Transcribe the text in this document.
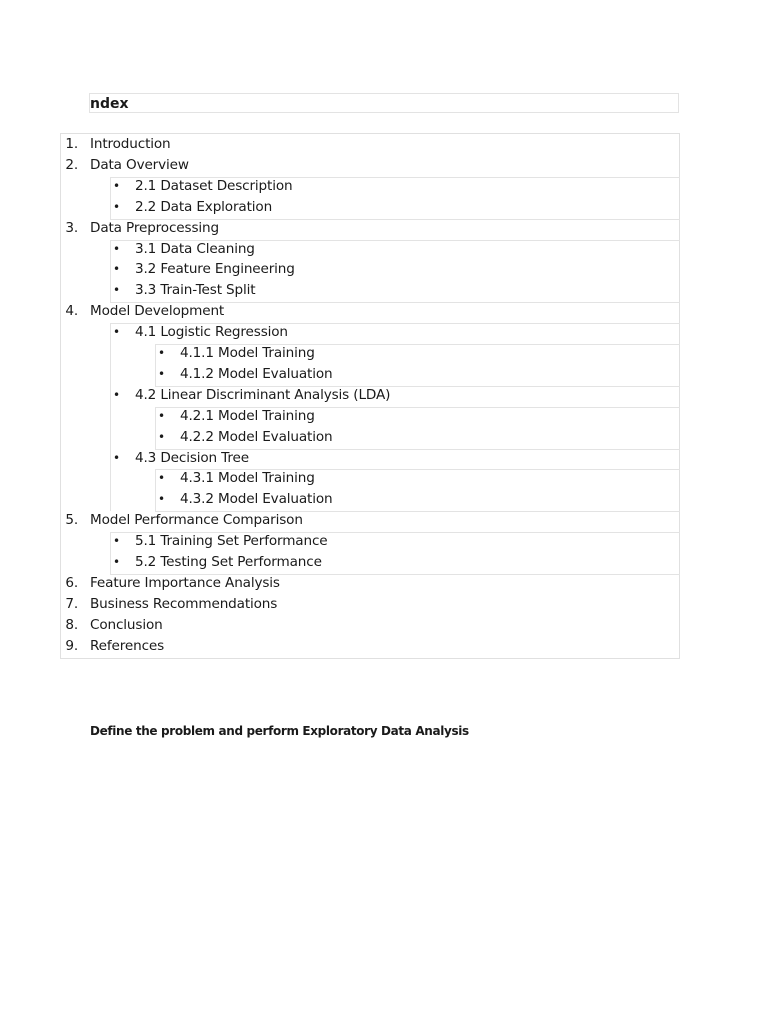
ndex
1. Introduction
2. Data Overview
• 2.1 Dataset Description
• 2.2 Data Exploration
3. Data Preprocessing
• 3.1 Data Cleaning
• 3.2 Feature Engineering
• 3.3 Train-Test Split
4. Model Development
• 4.1 Logistic Regression
• 4.1.1 Model Training
• 4.1.2 Model Evaluation
• 4.2 Linear Discriminant Analysis (LDA)
• 4.2.1 Model Training
• 4.2.2 Model Evaluation
• 4.3 Decision Tree
• 4.3.1 Model Training
• 4.3.2 Model Evaluation
5. Model Performance Comparison
• 5.1 Training Set Performance
• 5.2 Testing Set Performance
6. Feature Importance Analysis
7. Business Recommendations
8. Conclusion
9. References
Define the problem and perform Exploratory Data Analysis
